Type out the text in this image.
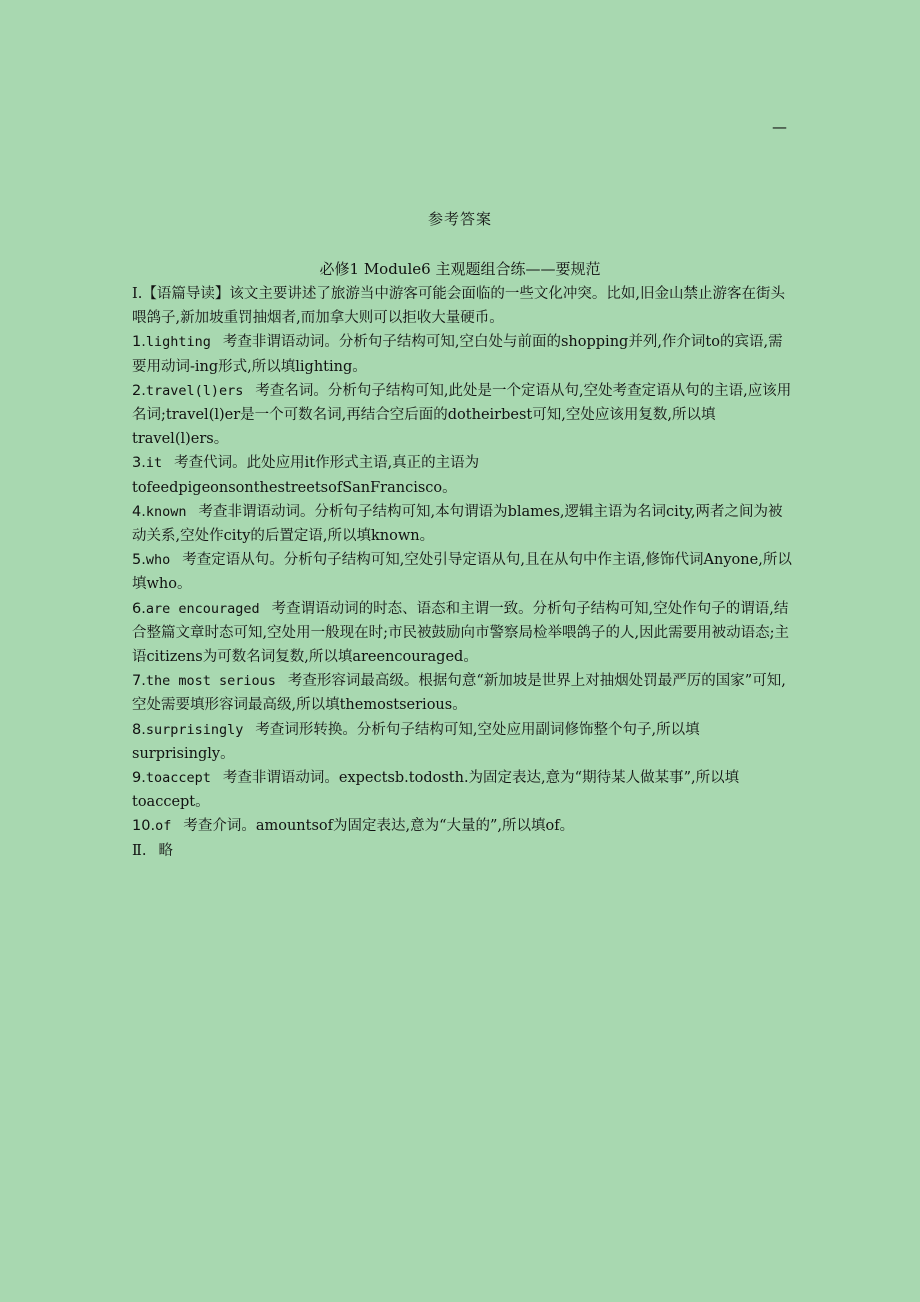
—
参考答案
必修1 Module6 主观题组合练——要规范

Ⅰ.【语篇导读】该文主要讲述了旅游当中游客可能会面临的一些文化冲突。比如,旧金山禁止游客在街头喂鸽子,新加坡重罚抽烟者,而加拿大则可以拒收大量硬币。

1.lighting 考查非谓语动词。分析句子结构可知,空白处与前面的shopping并列,作介词to的宾语,需要用动词-ing形式,所以填lighting。

2.travel(l)ers 考查名词。分析句子结构可知,此处是一个定语从句,空处考查定语从句的主语,应该用名词;travel(l)er是一个可数名词,再结合空后面的dotheirbest可知,空处应该用复数,所以填travel(l)ers。

3.it 考查代词。此处应用it作形式主语,真正的主语为tofeedpigeonsonthestreetsofSanFrancisco。

4.known 考查非谓语动词。分析句子结构可知,本句谓语为blames,逻辑主语为名词city,两者之间为被动关系,空处作city的后置定语,所以填known。

5.who 考查定语从句。分析句子结构可知,空处引导定语从句,且在从句中作主语,修饰代词Anyone,所以填who。

6.are encouraged 考查谓语动词的时态、语态和主谓一致。分析句子结构可知,空处作句子的谓语,结合整篇文章时态可知,空处用一般现在时;市民被鼓励向市警察局检举喂鸽子的人,因此需要用被动语态;主语citizens为可数名词复数,所以填areencouraged。

7.the most serious 考查形容词最高级。根据句意“新加坡是世界上对抽烟处罚最严厉的国家”可知,空处需要填形容词最高级,所以填themostserious。

8.surprisingly 考查词形转换。分析句子结构可知,空处应用副词修饰整个句子,所以填surprisingly。

9.toaccept 考查非谓语动词。expectsb.todosth.为固定表达,意为“期待某人做某事”,所以填toaccept。

10.of 考查介词。amountsof为固定表达,意为“大量的”,所以填of。

Ⅱ. 略
